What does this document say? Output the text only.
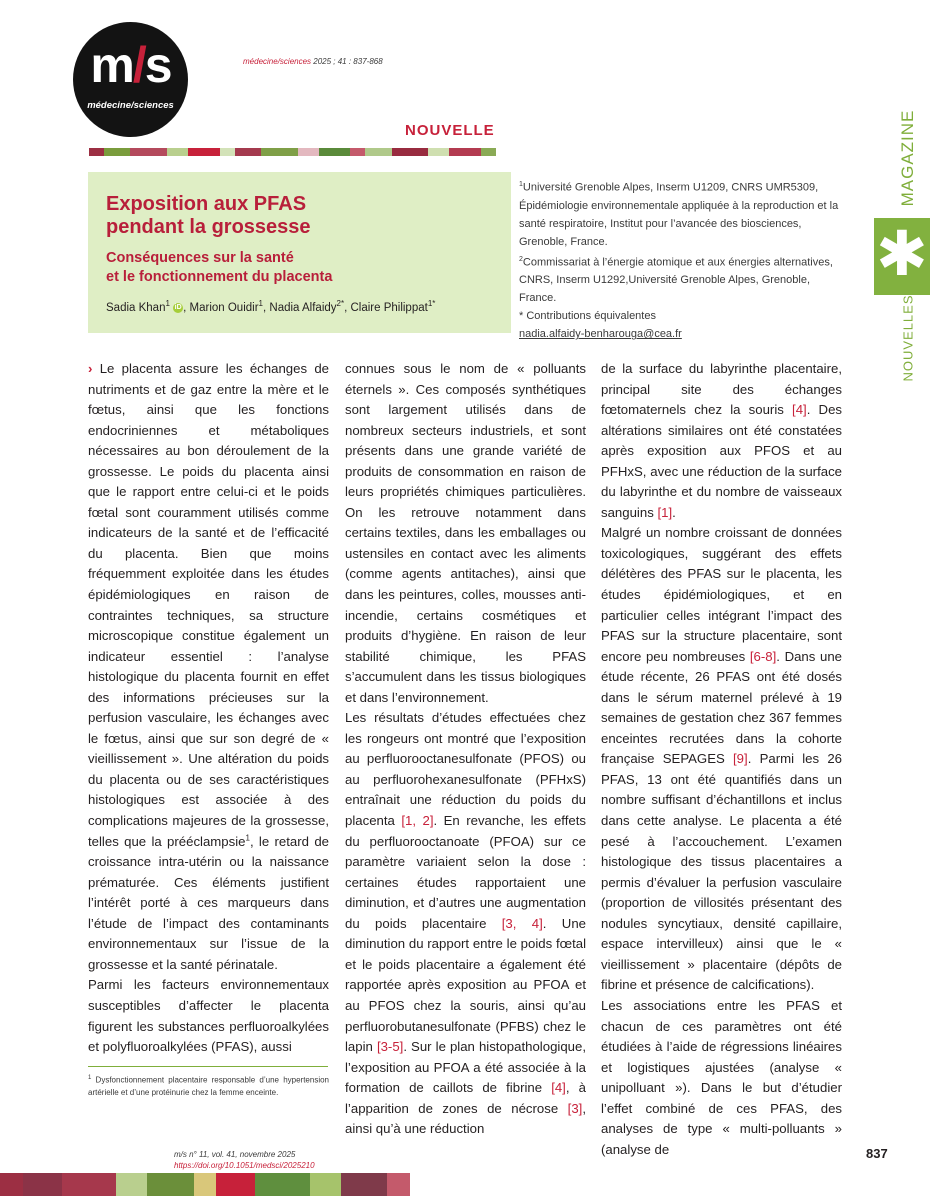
m/s
médecine/sciences
médecine/sciences 2025 ; 41 : 837-868
NOUVELLE
Exposition aux PFAS
pendant la grossesse
Conséquences sur la santé
et le fonctionnement du placenta
Sadia Khan$^1$ iD , Marion Ouidir$^1$, Nadia Alfaidy$^{2*}$, Claire Philippat$^{1*}$

$^1$Université Grenoble Alpes, Inserm U1209, CNRS UMR5309, Épidémiologie environnementale appliquée à la reproduction et la santé respiratoire, Institut pour l’avancée des biosciences, Grenoble, France.

$^2$Commissariat à l’énergie atomique et aux énergies alternatives, CNRS, Inserm U1292,Université Grenoble Alpes, Grenoble, France.

* Contributions équivalentes

nadia.alfaidy-benharouga@cea.fr

MAGAZINE
✱
NOUVELLES

› Le placenta assure les échanges de nutriments et de gaz entre la mère et le fœtus, ainsi que les fonctions endocriniennes et métaboliques nécessaires au bon déroulement de la grossesse. Le poids du placenta ainsi que le rapport entre celui-ci et le poids fœtal sont couramment utilisés comme indicateurs de la santé et de l’efficacité du placenta. Bien que moins fréquemment exploitée dans les études épidémiologiques en raison de contraintes techniques, sa structure microscopique constitue également un indicateur essentiel : l’analyse histologique du placenta fournit en effet des informations précieuses sur la perfusion vasculaire, les échanges avec le fœtus, ainsi que sur son degré de « vieillissement ». Une altération du poids du placenta ou de ses caractéristiques histologiques est associée à des complications majeures de la grossesse, telles que la prééclampsie$^1$, le retard de croissance intra-utérin ou la naissance prématurée. Ces éléments justifient l’intérêt porté à ces marqueurs dans l’étude de l’impact des contaminants environnementaux sur l’issue de la grossesse et la santé périnatale.

Parmi les facteurs environnementaux susceptibles d’affecter le placenta figurent les substances perfluoroalkylées et polyfluoroalkylées (PFAS), aussi

connues sous le nom de « polluants éternels ». Ces composés synthétiques sont largement utilisés dans de nombreux secteurs industriels, et sont présents dans une grande variété de produits de consommation en raison de leurs propriétés chimiques particulières. On les retrouve notamment dans certains textiles, dans les emballages ou ustensiles en contact avec les aliments (comme agents antitaches), ainsi que dans les peintures, colles, mousses anti-incendie, certains cosmétiques et produits d’hygiène. En raison de leur stabilité chimique, les PFAS s’accumulent dans les tissus biologiques et dans l’environnement.

Les résultats d’études effectuées chez les rongeurs ont montré que l’exposition au perfluorooctanesulfonate (PFOS) ou au perfluorohexanesulfonate (PFHxS) entraînait une réduction du poids du placenta [1, 2]. En revanche, les effets du perfluorooctanoate (PFOA) sur ce paramètre variaient selon la dose : certaines études rapportaient une diminution, et d’autres une augmentation du poids placentaire [3, 4]. Une diminution du rapport entre le poids fœtal et le poids placentaire a également été rapportée après exposition au PFOA et au PFOS chez la souris, ainsi qu’au perfluorobutanesulfonate (PFBS) chez le lapin [3-5]. Sur le plan histopathologique, l’exposition au PFOA a été associée à la formation de caillots de fibrine [4], à l’apparition de zones de nécrose [3], ainsi qu’à une réduction

de la surface du labyrinthe placentaire, principal site des échanges fœtomaternels chez la souris [4]. Des altérations similaires ont été constatées après exposition aux PFOS et au PFHxS, avec une réduction de la surface du labyrinthe et du nombre de vaisseaux sanguins [1].

Malgré un nombre croissant de données toxicologiques, suggérant des effets délétères des PFAS sur le placenta, les études épidémiologiques, et en particulier celles intégrant l’impact des PFAS sur la structure placentaire, sont encore peu nombreuses [6-8]. Dans une étude récente, 26 PFAS ont été dosés dans le sérum maternel prélevé à 19 semaines de gestation chez 367 femmes enceintes recrutées dans la cohorte française SEPAGES [9]. Parmi les 26 PFAS, 13 ont été quantifiés dans un nombre suffisant d’échantillons et inclus dans cette analyse. Le placenta a été pesé à l’accouchement. L’examen histologique des tissus placentaires a permis d’évaluer la perfusion vasculaire (proportion de villosités présentant des nodules syncytiaux, densité capillaire, espace intervilleux) ainsi que le « vieillissement » placentaire (dépôts de fibrine et présence de calcifications).

Les associations entre les PFAS et chacun de ces paramètres ont été étudiées à l’aide de régressions linéaires et logistiques ajustées (analyse « unipolluant »). Dans le but d’étudier l’effet combiné de ces PFAS, des analyses de type « multi-polluants » (analyse de

$^1$ Dysfonctionnement placentaire responsable d’une hypertension artérielle et d’une protéinurie chez la femme enceinte.
m/s n° 11, vol. 41, novembre 2025
https://doi.org/10.1051/medsci/2025210
837
